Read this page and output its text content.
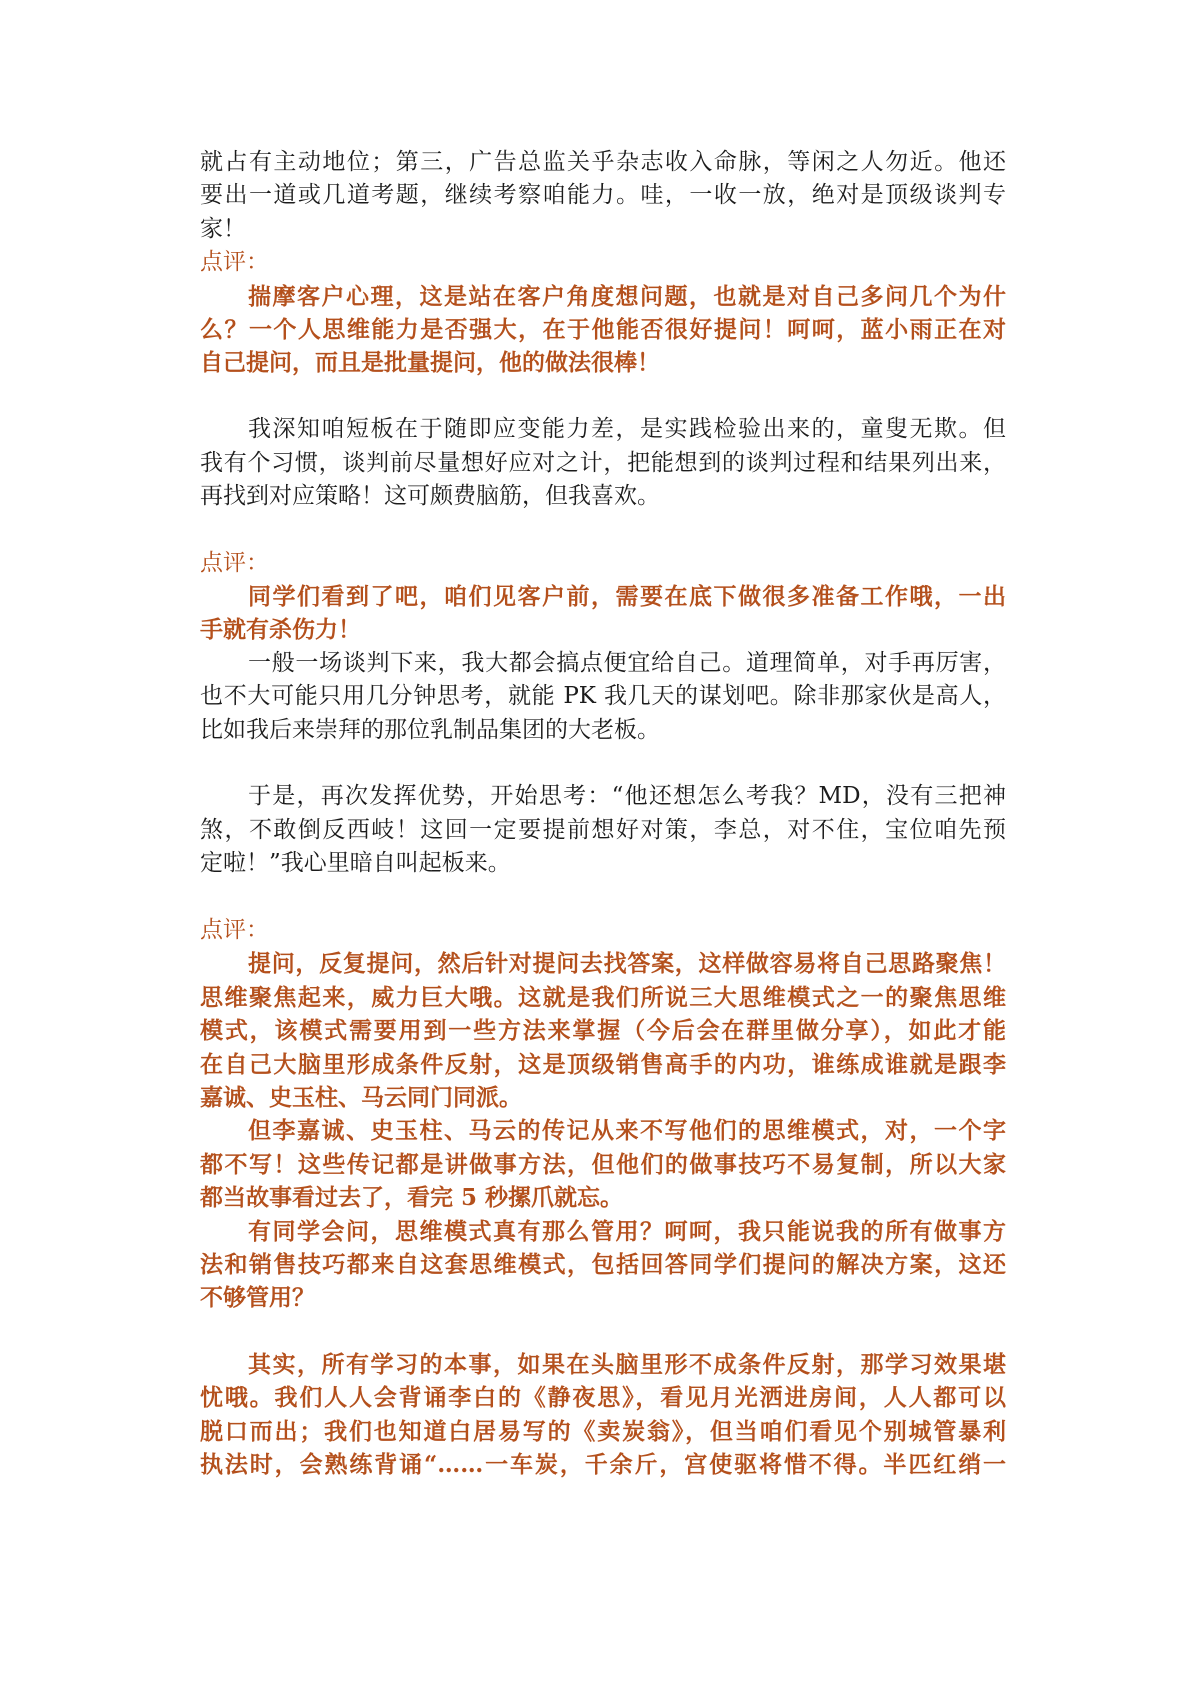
就占有主动地位；第三，广告总监关乎杂志收入命脉，等闲之人勿近。他还
要出一道或几道考题，继续考察咱能力。哇，一收一放，绝对是顶级谈判专
家！
点评：
揣摩客户心理，这是站在客户角度想问题，也就是对自己多问几个为什
么？一个人思维能力是否强大，在于他能否很好提问！呵呵，蓝小雨正在对
自己提问，而且是批量提问，他的做法很棒！
我深知咱短板在于随即应变能力差，是实践检验出来的，童叟无欺。但
我有个习惯，谈判前尽量想好应对之计，把能想到的谈判过程和结果列出来，
再找到对应策略！这可颇费脑筋，但我喜欢。
点评：
同学们看到了吧，咱们见客户前，需要在底下做很多准备工作哦，一出
手就有杀伤力！
一般一场谈判下来，我大都会搞点便宜给自己。道理简单，对手再厉害，
也不大可能只用几分钟思考，就能 PK 我几天的谋划吧。除非那家伙是高人，
比如我后来崇拜的那位乳制品集团的大老板。
于是，再次发挥优势，开始思考：“他还想怎么考我？MD，没有三把神
煞，不敢倒反西岐！这回一定要提前想好对策，李总，对不住，宝位咱先预
定啦！”我心里暗自叫起板来。
点评：
提问，反复提问，然后针对提问去找答案，这样做容易将自己思路聚焦！
思维聚焦起来，威力巨大哦。这就是我们所说三大思维模式之一的聚焦思维
模式，该模式需要用到一些方法来掌握（今后会在群里做分享），如此才能
在自己大脑里形成条件反射，这是顶级销售高手的内功，谁练成谁就是跟李
嘉诚、史玉柱、马云同门同派。
但李嘉诚、史玉柱、马云的传记从来不写他们的思维模式，对，一个字
都不写！这些传记都是讲做事方法，但他们的做事技巧不易复制，所以大家
都当故事看过去了，看完 5 秒摞爪就忘。
有同学会问，思维模式真有那么管用？呵呵，我只能说我的所有做事方
法和销售技巧都来自这套思维模式，包括回答同学们提问的解决方案，这还
不够管用？
其实，所有学习的本事，如果在头脑里形不成条件反射，那学习效果堪
忧哦。我们人人会背诵李白的《静夜思》，看见月光洒进房间，人人都可以
脱口而出；我们也知道白居易写的《卖炭翁》，但当咱们看见个别城管暴利
执法时，会熟练背诵“……一车炭，千余斤，宫使驱将惜不得。半匹红绡一
